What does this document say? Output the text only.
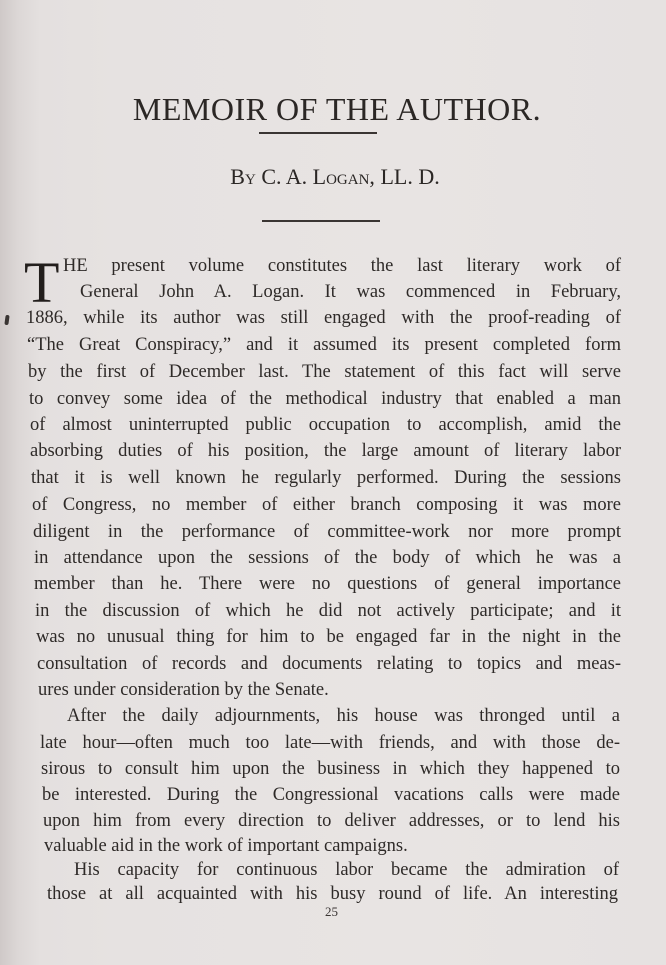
MEMOIR OF THE AUTHOR.
By C. A. Logan, LL. D.
T HE present volume constitutes the last literary work of
General John A. Logan. It was commenced in February,
1886, while its author was still engaged with the proof-reading of
“The Great Conspiracy,” and it assumed its present completed form
by the first of December last. The statement of this fact will serve
to convey some idea of the methodical industry that enabled a man
of almost uninterrupted public occupation to accomplish, amid the
absorbing duties of his position, the large amount of literary labor
that it is well known he regularly performed. During the sessions
of Congress, no member of either branch composing it was more
diligent in the performance of committee-work nor more prompt
in attendance upon the sessions of the body of which he was a
member than he. There were no questions of general importance
in the discussion of which he did not actively participate; and it
was no unusual thing for him to be engaged far in the night in the
consultation of records and documents relating to topics and meas-
ures under consideration by the Senate.
After the daily adjournments, his house was thronged until a
late hour—often much too late—with friends, and with those de-
sirous to consult him upon the business in which they happened to
be interested. During the Congressional vacations calls were made
upon him from every direction to deliver addresses, or to lend his
valuable aid in the work of important campaigns.
His capacity for continuous labor became the admiration of
those at all acquainted with his busy round of life. An interesting
25
